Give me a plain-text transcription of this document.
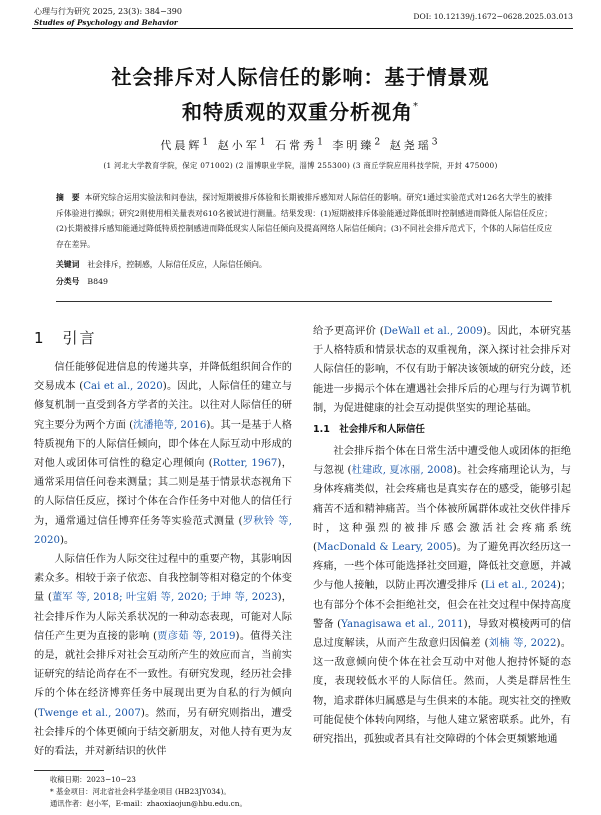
心理与行为研究 2025, 23(3): 384−390
Studies of Psychology and Behavior
DOI: 10.12139/j.1672−0628.2025.03.013
社会排斥对人际信任的影响：基于情景观
和特质观的双重分析视角*
代晨辉$^1$ 赵小军$^1$ 石常秀$^1$ 李明臻$^2$ 赵尧瑶$^3$
(1 河北大学教育学院，保定 071002) (2 淄博职业学院，淄博 255300) (3 商丘学院应用科技学院，开封 475000)
摘　要 本研究综合运用实验法和问卷法，探讨短期被排斥体验和长期被排斥感知对人际信任的影响。研究1通过实验范式对126名大学生的被排斥体验进行操纵；研究2则使用相关量表对610名被试进行测量。结果发现：(1)短期被排斥体验能通过降低即时控制感进而降低人际信任反应；(2)长期被排斥感知能通过降低特质控制感进而降低现实人际信任倾向及提高网络人际信任倾向；(3)不同社会排斥范式下，个体的人际信任反应存在差异。
关键词 社会排斥，控制感，人际信任反应，人际信任倾向。
分类号 B849
1　引言

信任能够促进信息的传递共享，并降低组织间合作的交易成本 (Cai et al., 2020)。因此，人际信任的建立与修复机制一直受到各方学者的关注。以往对人际信任的研究主要分为两个方面 (沈潘艳等, 2016)。其一是基于人格特质视角下的人际信任倾向，即个体在人际互动中形成的对他人或团体可信性的稳定心理倾向 (Rotter, 1967)，通常采用信任问卷来测量；其二则是基于情景状态视角下的人际信任反应，探讨个体在合作任务中对他人的信任行为，通常通过信任博弈任务等实验范式测量 (罗秋铃 等, 2020)。

人际信任作为人际交往过程中的重要产物，其影响因素众多。相较于亲子依恋、自我控制等相对稳定的个体变量 (董军 等, 2018; 叶宝娟 等, 2020; 于坤 等, 2023)，社会排斥作为人际关系状况的一种动态表现，可能对人际信任产生更为直接的影响 (贾彦茹 等, 2019)。值得关注的是，就社会排斥对社会互动所产生的效应而言，当前实证研究的结论尚存在不一致性。有研究发现，经历社会排斥的个体在经济博弈任务中展现出更为自私的行为倾向 (Twenge et al., 2007)。然而，另有研究则指出，遭受社会排斥的个体更倾向于结交新朋友，对他人持有更为友好的看法，并对新结识的伙伴

给予更高评价 (DeWall et al., 2009)。因此，本研究基于人格特质和情景状态的双重视角，深入探讨社会排斥对人际信任的影响，不仅有助于解决该领域的研究分歧，还能进一步揭示个体在遭遇社会排斥后的心理与行为调节机制，为促进健康的社会互动提供坚实的理论基础。

1.1　社会排斥和人际信任

社会排斥指个体在日常生活中遭受他人或团体的拒绝与忽视 (杜建政, 夏冰丽, 2008)。社会疼痛理论认为，与身体疼痛类似，社会疼痛也是真实存在的感受，能够引起痛苦不适和精神痛苦。当个体被所属群体或社交伙伴排斥时，这种强烈的被排斥感会激活社会疼痛系统 (MacDonald & Leary, 2005)。为了避免再次经历这一疼痛，一些个体可能选择社交回避，降低社交意愿，并减少与他人接触，以防止再次遭受排斥 (Li et al., 2024)；也有部分个体不会拒绝社交，但会在社交过程中保持高度警备 (Yanagisawa et al., 2011)，导致对模棱两可的信息过度解读，从而产生敌意归因偏差 (刘楠 等, 2022)。这一敌意倾向使个体在社会互动中对他人抱持怀疑的态度，表现较低水平的人际信任。然而，人类是群居性生物，追求群体归属感是与生俱来的本能。现实社交的挫败可能促使个体转向网络，与他人建立紧密联系。此外，有研究指出，孤独或者具有社交障碍的个体会更频繁地通

收稿日期：2023−10−23
* 基金项目：河北省社会科学基金项目 (HB23JY034)。
通讯作者：赵小军，E-mail：zhaoxiaojun@hbu.edu.cn。
